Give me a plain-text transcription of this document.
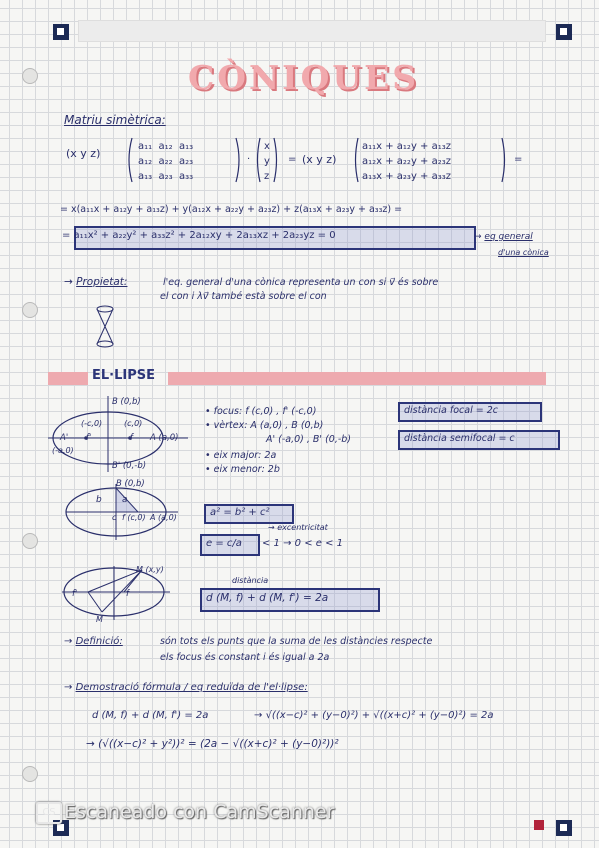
CÒNIQUES
Matriu simètrica:
(x y z)
a₁₁  a₁₂  a₁₃
a₁₂  a₂₂  a₂₃
a₁₃  a₂₃  a₃₃
·
x
y
z
= (x y z)
a₁₁x + a₁₂y + a₁₃z
a₁₂x + a₂₂y + a₂₃z
a₁₃x + a₂₃y + a₃₃z
=
= x(a₁₁x + a₁₂y + a₁₃z) + y(a₁₂x + a₂₂y + a₂₃z) + z(a₁₃x + a₂₃y + a₃₃z) =
= a₁₁x² + a₂₂y² + a₃₃z² + 2a₁₂xy + 2a₁₃xz + 2a₂₃yz = 0	→ eq general
d'una cònica
→ Propietat:	l'eq. general d'una cònica representa un con si v⃗ és sobre
el con i λv⃗ també està sobre el con
EL·LIPSE
B (0,b)
(-c,0)	(c,0)
A' f'	f A (a,0)
(-a,0)
B' (0,-b)
• focus: f (c,0) , f' (-c,0)
• vèrtex: A (a,0) , B (0,b)
A' (-a,0) , B' (0,-b)
• eix major: 2a
• eix menor: 2b
distància focal = 2c
distància semifocal = c
B (0,b)
b a
c f (c,0) A (a,0)	a² = b² + c²
→ excentricitat
e = c/a < 1 → 0 < e < 1
M (x,y)
f'	f
M
distància
d (M, f) + d (M, f') = 2a
→ Definició:	són tots els punts que la suma de les distàncies respecte
els focus és constant i és igual a 2a
→ Demostració fórmula / eq reduïda de l'el·lipse:
d (M, f) + d (M, f') = 2a	→ √((x−c)² + (y−0)²) + √((x+c)² + (y−0)²) = 2a
→ (√((x−c)² + y²))² = (2a − √((x+c)² + (y−0)²))²
CS Escaneado con CamScanner
